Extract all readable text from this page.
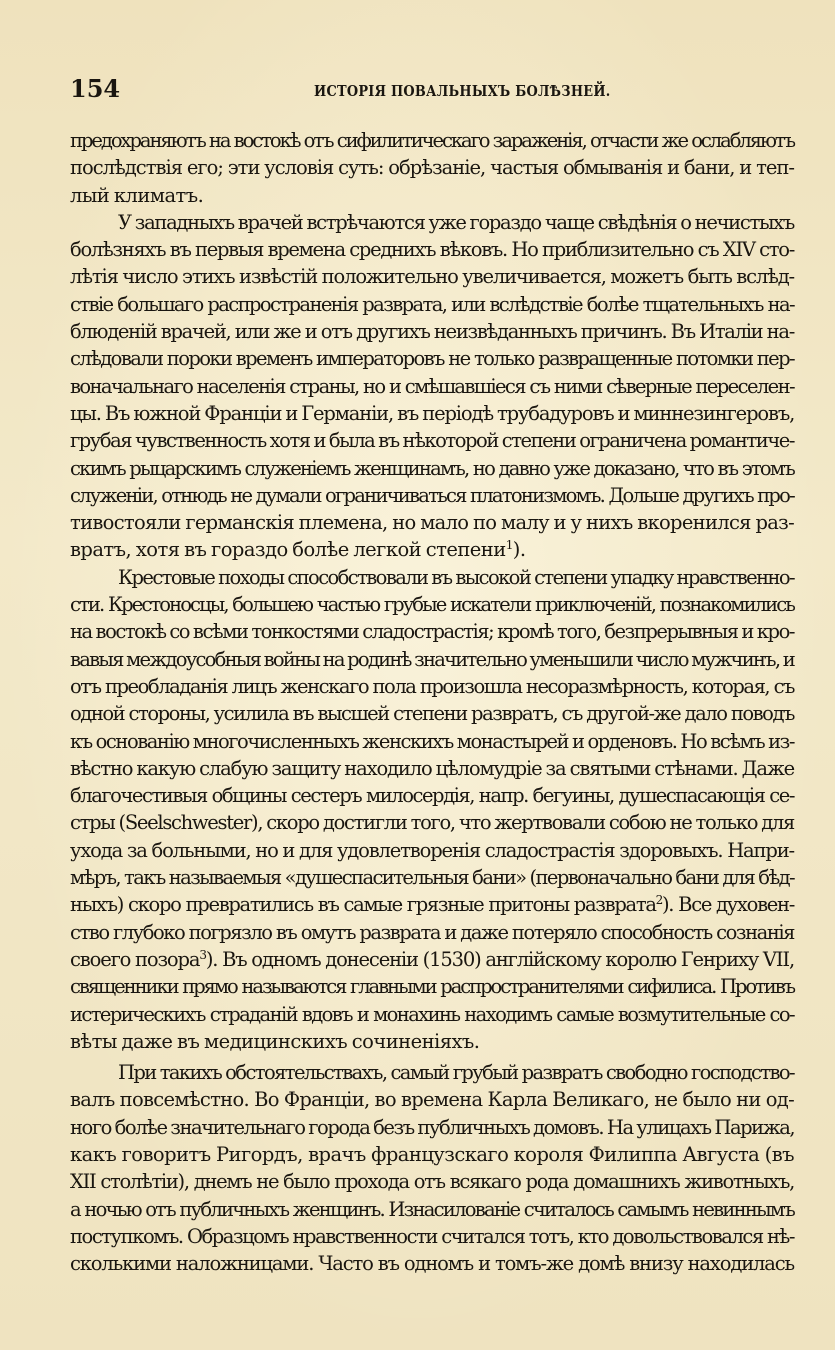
154	ИСТОРІЯ ПОВАЛЬНЫХЪ БОЛѢЗНЕЙ.
предохраняютъ на востокѣ отъ сифилитическаго зараженія, отчасти же ослабляютъ
послѣдствія его; эти условія суть: обрѣзаніе, частыя обмыванія и бани, и теп-
лый климатъ.
У западныхъ врачей встрѣчаются уже гораздо чаще свѣдѣнія о нечистыхъ
болѣзняхъ въ первыя времена среднихъ вѣковъ. Но приблизительно съ XIV сто-
лѣтія число этихъ извѣстій положительно увеличивается, можетъ быть вслѣд-
ствіе большаго распространенія разврата, или вслѣдствіе болѣе тщательныхъ на-
блюденій врачей, или же и отъ другихъ неизвѣданныхъ причинъ. Въ Италіи на-
слѣдовали пороки временъ императоровъ не только развращенные потомки пер-
воначальнаго населенія страны, но и смѣшавшіеся съ ними сѣверные переселен-
цы. Въ южной Франціи и Германіи, въ періодѣ трубадуровъ и миннезингеровъ,
грубая чувственность хотя и была въ нѣкоторой степени ограничена романтиче-
скимъ рыцарскимъ служеніемъ женщинамъ, но давно уже доказано, что въ этомъ
служеніи, отнюдь не думали ограничиваться платонизмомъ. Дольше другихъ про-
тивостояли германскія племена, но мало по малу и у нихъ вкоренился раз-
вратъ, хотя въ гораздо болѣе легкой степени$^1$).
Крестовые походы способствовали въ высокой степени упадку нравственно-
сти. Крестоносцы, большею частью грубые искатели приключеній, познакомились
на востокѣ со всѣми тонкостями сладострастія; кромѣ того, безпрерывныя и кро-
вавыя междоусобныя войны на родинѣ значительно уменьшили число мужчинъ, и
отъ преобладанія лицъ женскаго пола произошла несоразмѣрность, которая, съ
одной стороны, усилила въ высшей степени развратъ, съ другой-же дало поводъ
къ основанію многочисленныхъ женскихъ монастырей и орденовъ. Но всѣмъ из-
вѣстно какую слабую защиту находило цѣломудріе за святыми стѣнами. Даже
благочестивыя общины сестеръ милосердія, напр. бегуины, душеспасающія се-
стры (Seelschwester), скоро достигли того, что жертвовали собою не только для
ухода за больными, но и для удовлетворенія сладострастія здоровыхъ. Напри-
мѣръ, такъ называемыя «душеспасительныя бани» (первоначально бани для бѣд-
ныхъ) скоро превратились въ самые грязные притоны разврата$^2$). Все духовен-
ство глубоко погрязло въ омутъ разврата и даже потеряло способность сознанія
своего позора$^3$). Въ одномъ донесеніи (1530) англійскому королю Генриху VII,
священники прямо называются главными распространителями сифилиса. Противъ
истерическихъ страданій вдовъ и монахинь находимъ самые возмутительные со-
вѣты даже въ медицинскихъ сочиненіяхъ.
При такихъ обстоятельствахъ, самый грубый развратъ свободно господство-
валъ повсемѣстно. Во Франціи, во времена Карла Великаго, не было ни од-
ного болѣе значительнаго города безъ публичныхъ домовъ. На улицахъ Парижа,
какъ говоритъ Ригордъ, врачъ французскаго короля Филиппа Августа (въ
XII столѣтіи), днемъ не было прохода отъ всякаго рода домашнихъ животныхъ,
а ночью отъ публичныхъ женщинъ. Изнасилованіе считалось самымъ невиннымъ
поступкомъ. Образцомъ нравственности считался тотъ, кто довольствовался нѣ-
сколькими наложницами. Часто въ одномъ и томъ-же домѣ внизу находилась
